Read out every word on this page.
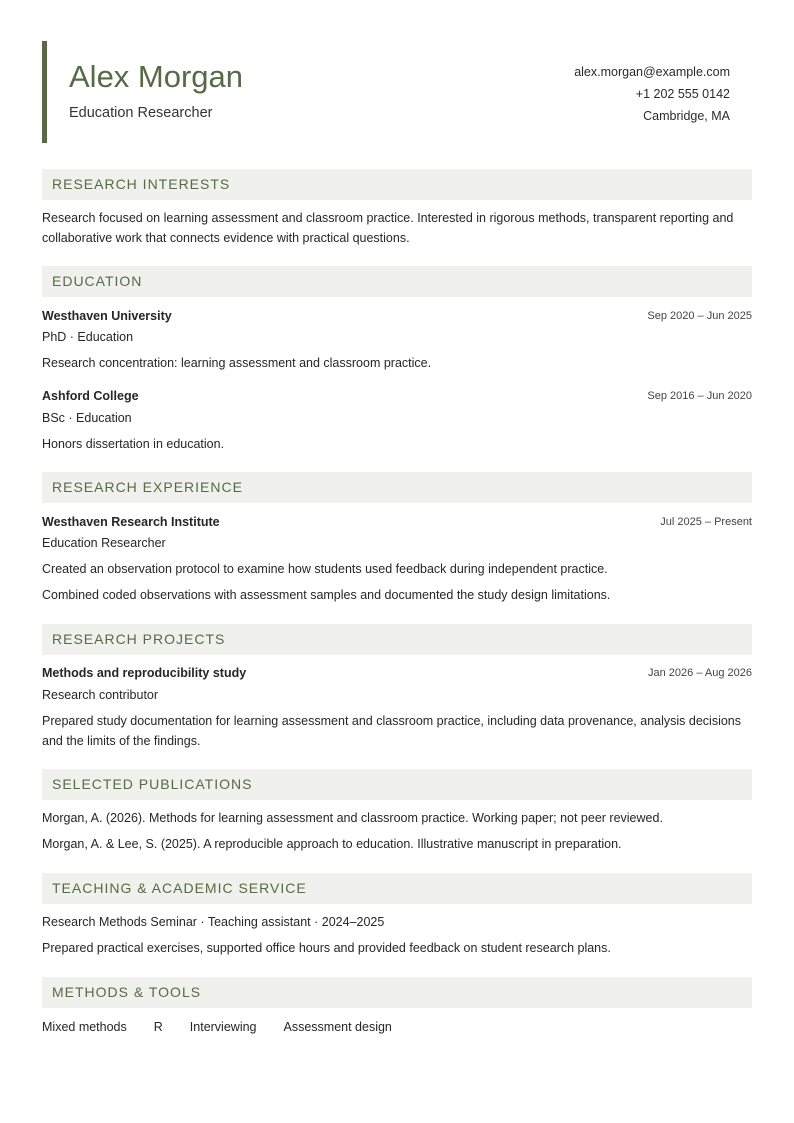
Alex Morgan
Education Researcher
alex.morgan@example.com
+1 202 555 0142
Cambridge, MA
RESEARCH INTERESTS
Research focused on learning assessment and classroom practice. Interested in rigorous methods, transparent reporting and collaborative work that connects evidence with practical questions.
EDUCATION
Westhaven University	Sep 2020 – Jun 2025
PhD · Education
Research concentration: learning assessment and classroom practice.
Ashford College	Sep 2016 – Jun 2020
BSc · Education
Honors dissertation in education.
RESEARCH EXPERIENCE
Westhaven Research Institute	Jul 2025 – Present
Education Researcher
Created an observation protocol to examine how students used feedback during independent practice.
Combined coded observations with assessment samples and documented the study design limitations.
RESEARCH PROJECTS
Methods and reproducibility study	Jan 2026 – Aug 2026
Research contributor
Prepared study documentation for learning assessment and classroom practice, including data provenance, analysis decisions and the limits of the findings.
SELECTED PUBLICATIONS
Morgan, A. (2026). Methods for learning assessment and classroom practice. Working paper; not peer reviewed.
Morgan, A. & Lee, S. (2025). A reproducible approach to education. Illustrative manuscript in preparation.
TEACHING & ACADEMIC SERVICE
Research Methods Seminar · Teaching assistant · 2024–2025
Prepared practical exercises, supported office hours and provided feedback on student research plans.
METHODS & TOOLS
Mixed methods R Interviewing Assessment design
